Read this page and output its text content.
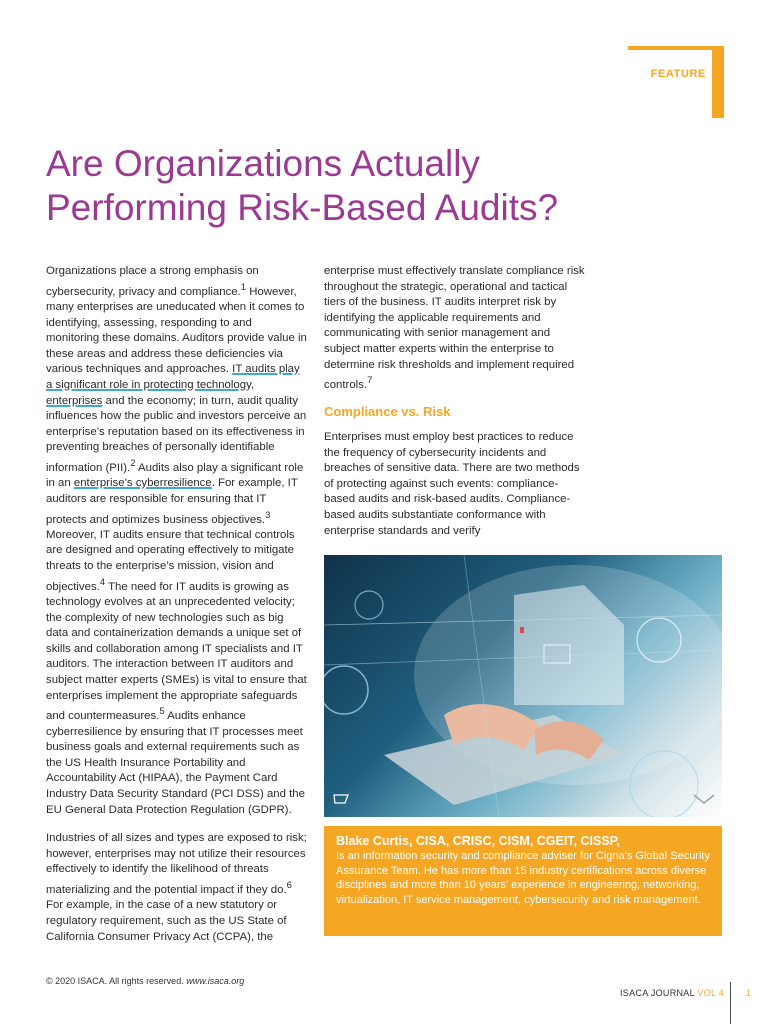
FEATURE
Are Organizations Actually Performing Risk-Based Audits?

Organizations place a strong emphasis on cybersecurity, privacy and compliance.$^1$ However, many enterprises are uneducated when it comes to identifying, assessing, responding to and monitoring these domains. Auditors provide value in these areas and address these deficiencies via various techniques and approaches. IT audits play a significant role in protecting technology, enterprises and the economy; in turn, audit quality influences how the public and investors perceive an enterprise’s reputation based on its effectiveness in preventing breaches of personally identifiable information (PII).$^2$ Audits also play a significant role in an enterprise’s cyberresilience. For example, IT auditors are responsible for ensuring that IT protects and optimizes business objectives.$^3$ Moreover, IT audits ensure that technical controls are designed and operating effectively to mitigate threats to the enterprise’s mission, vision and objectives.$^4$ The need for IT audits is growing as technology evolves at an unprecedented velocity; the complexity of new technologies such as big data and containerization demands a unique set of skills and collaboration among IT specialists and IT auditors. The interaction between IT auditors and subject matter experts (SMEs) is vital to ensure that enterprises implement the appropriate safeguards and countermeasures.$^5$ Audits enhance cyberresilience by ensuring that IT processes meet business goals and external requirements such as the US Health Insurance Portability and Accountability Act (HIPAA), the Payment Card Industry Data Security Standard (PCI DSS) and the EU General Data Protection Regulation (GDPR).

Industries of all sizes and types are exposed to risk; however, enterprises may not utilize their resources effectively to identify the likelihood of threats materializing and the potential impact if they do.$^6$ For example, in the case of a new statutory or regulatory requirement, such as the US State of California Consumer Privacy Act (CCPA), the

enterprise must effectively translate compliance risk throughout the strategic, operational and tactical tiers of the business. IT audits interpret risk by identifying the applicable requirements and communicating with senior management and subject matter experts within the enterprise to determine risk thresholds and implement required controls.$^7$

Compliance vs. Risk

Enterprises must employ best practices to reduce the frequency of cybersecurity incidents and breaches of sensitive data. There are two methods of protecting against such events: compliance-based audits and risk-based audits. Compliance-based audits substantiate conformance with enterprise standards and verify

Blake Curtis, CISA, CRISC, CISM, CGEIT, CISSP,
Is an information security and compliance adviser for Cigna’s Global Security Assurance Team. He has more than 15 industry certifications across diverse disciplines and more than 10 years’ experience in engineering, networking, virtualization, IT service management, cybersecurity and risk management.
© 2020 ISACA. All rights reserved. www.isaca.org
ISACA JOURNAL VOL 4 1
